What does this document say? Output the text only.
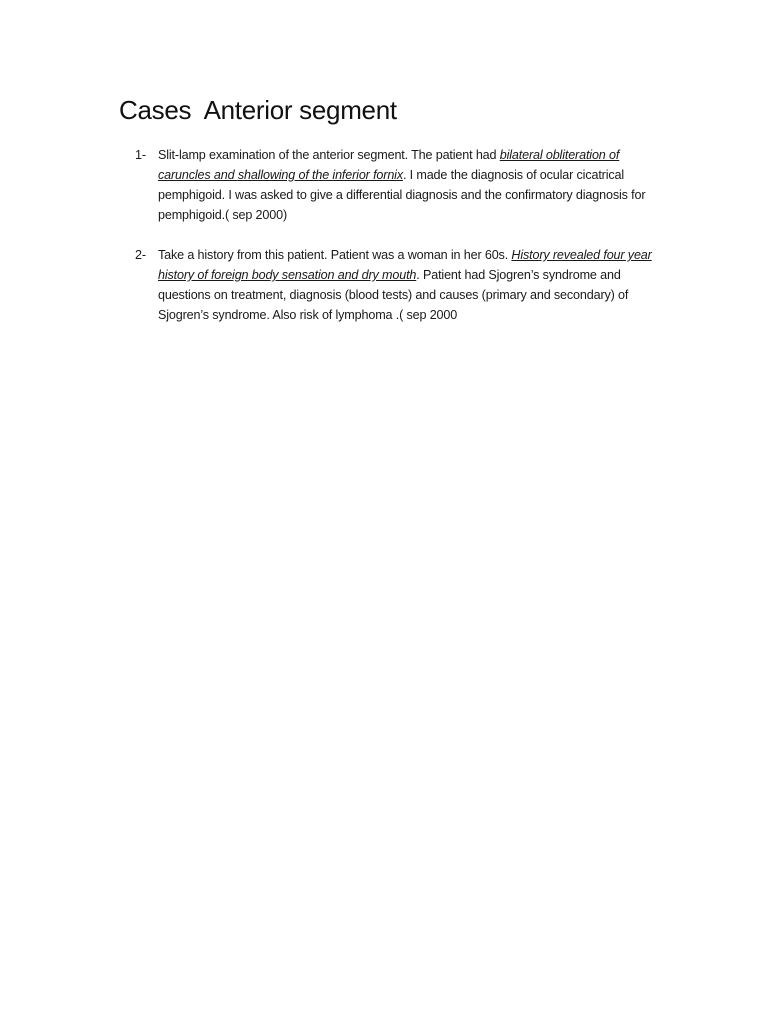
Cases  Anterior segment
1- Slit-lamp examination of the anterior segment. The patient had bilateral obliteration of caruncles and shallowing of the inferior fornix. I made the diagnosis of ocular cicatrical pemphigoid. I was asked to give a differential diagnosis and the confirmatory diagnosis for pemphigoid.( sep 2000)
2- Take a history from this patient. Patient was a woman in her 60s. History revealed four year history of foreign body sensation and dry mouth. Patient had Sjogren’s syndrome and questions on treatment, diagnosis (blood tests) and causes (primary and secondary) of Sjogren’s syndrome. Also risk of lymphoma .( sep 2000
